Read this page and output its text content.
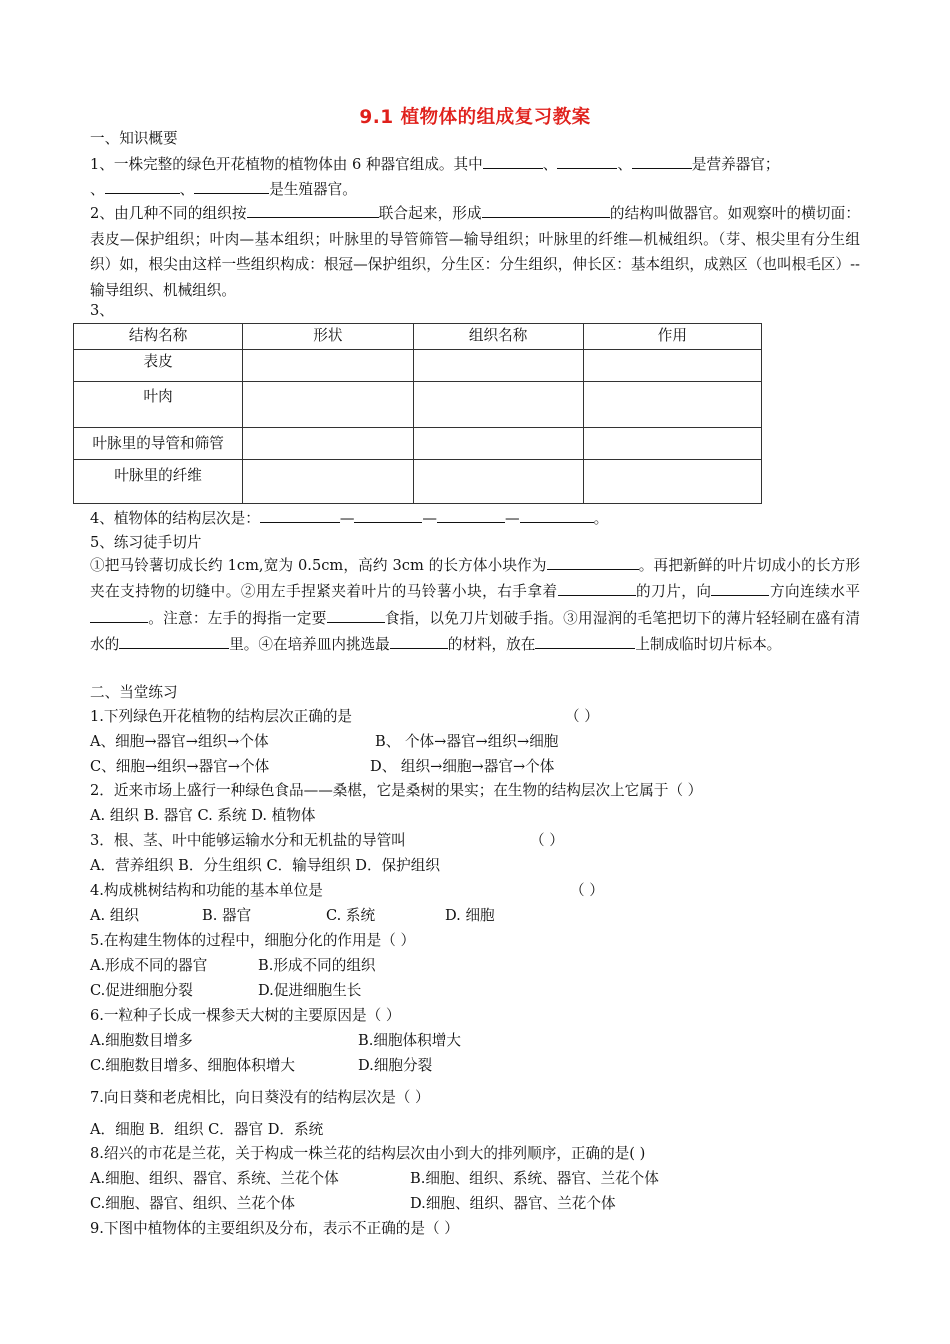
9.1 植物体的组成复习教案
一、知识概要
1、一株完整的绿色开花植物的植物体由 6 种器官组成。其中	、	、	是营养器官；
、	、	是生殖器官。
2、由几种不同的组织按	联合起来，形成	的结构叫做器官。如观察叶的横切面：表皮—保护组织；叶肉—基本组织；叶脉里的导管筛管—输导组织；叶脉里的纤维—机械组织。（芽、根尖里有分生组织）如，根尖由这样一些组织构成：根冠—保护组织，分生区：分生组织，伸长区：基本组织，成熟区（也叫根毛区）--输导组织、机械组织。
3、
结构名称	形状	组织名称	作用
表皮			
叶肉			
叶脉里的导管和筛管			
叶脉里的纤维			
4、植物体的结构层次是：	—	—	—	。
5、练习徒手切片
①把马铃薯切成长约 1cm,宽为 0.5cm，高约 3cm 的长方体小块作为	。再把新鲜的叶片切成小的长方形夹在支持物的切缝中。②用左手捏紧夹着叶片的马铃薯小块，右手拿着	的刀片，向	方向连续水平。注意：左手的拇指一定要	食指，以免刀片划破手指。③用湿润的毛笔把切下的薄片轻轻刷在盛有清水的	里。④在培养皿内挑选最	的材料，放在	上制成临时切片标本。
二、当堂练习
1.下列绿色开花植物的结构层次正确的是	（ ）
A、细胞→器官→组织→个体	B、 个体→器官→组织→细胞
C、细胞→组织→器官→个体	D、 组织→细胞→器官→个体
2．近来市场上盛行一种绿色食品——桑椹，它是桑树的果实；在生物的结构层次上它属于（ ）
A. 组织 B. 器官 C. 系统 D. 植物体
3．根、茎、叶中能够运输水分和无机盐的导管叫	（ ）
A．营养组织 B．分生组织 C．输导组织 D．保护组织
4.构成桃树结构和功能的基本单位是	（ ）
A. 组织	B. 器官	C. 系统	D. 细胞
5.在构建生物体的过程中，细胞分化的作用是（ ）
A.形成不同的器官	B.形成不同的组织
C.促进细胞分裂	D.促进细胞生长
6.一粒种子长成一棵参天大树的主要原因是（ ）
A.细胞数目增多	B.细胞体积增大
C.细胞数目增多、细胞体积增大	D.细胞分裂
7.向日葵和老虎相比，向日葵没有的结构层次是（ ）
A．细胞 B．组织 C．器官 D．系统
8.绍兴的市花是兰花，关于构成一株兰花的结构层次由小到大的排列顺序，正确的是( )
A.细胞、组织、器官、系统、兰花个体	B.细胞、组织、系统、器官、兰花个体
C.细胞、器官、组织、兰花个体	D.细胞、组织、器官、兰花个体
9.下图中植物体的主要组织及分布，表示不正确的是（ ）
